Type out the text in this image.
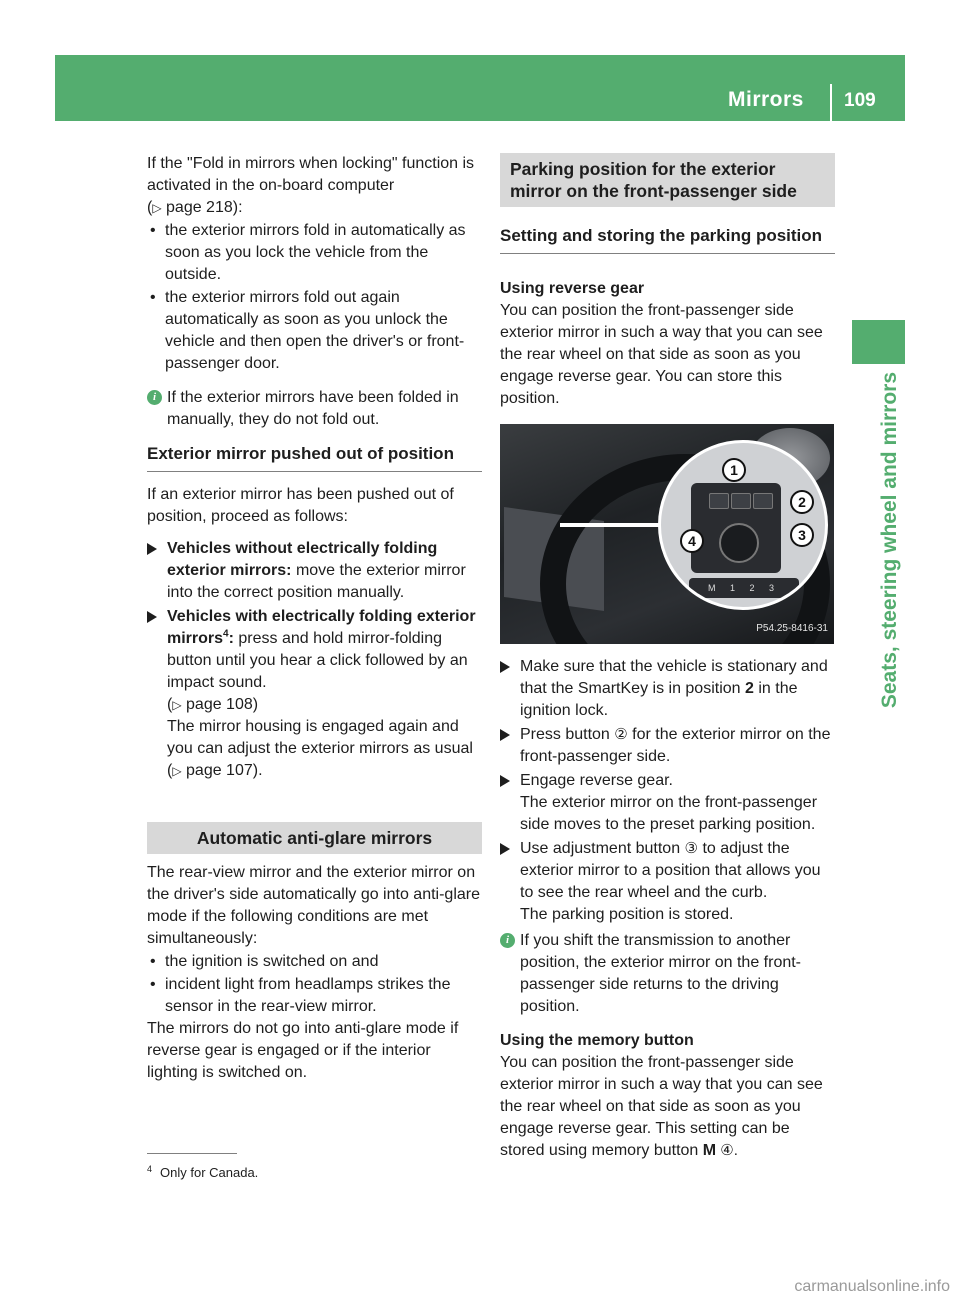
Mirrors 109
Seats, steering wheel and mirrors

If the "Fold in mirrors when locking" function is activated in the on-board computer
(▷ page 218):

• the exterior mirrors fold in automatically as soon as you lock the vehicle from the outside.
• the exterior mirrors fold out again automatically as soon as you unlock the vehicle and then open the driver's or front-passenger door.
i If the exterior mirrors have been folded in manually, they do not fold out.
Exterior mirror pushed out of position

If an exterior mirror has been pushed out of position, proceed as follows:

Vehicles without electrically folding exterior mirrors: move the exterior mirror into the correct position manually.
Vehicles with electrically folding exterior mirrors$^4$: press and hold mirror-folding button until you hear a click followed by an impact sound.
(▷ page 108)
The mirror housing is engaged again and you can adjust the exterior mirrors as usual
(▷ page 107).
Automatic anti-glare mirrors

The rear-view mirror and the exterior mirror on the driver's side automatically go into anti-glare mode if the following conditions are met simultaneously:

• the ignition is switched on and
• incident light from headlamps strikes the sensor in the rear-view mirror.

The mirrors do not go into anti-glare mode if reverse gear is engaged or if the interior lighting is switched on.

Parking position for the exterior mirror on the front-passenger side
Setting and storing the parking position
Using reverse gear

You can position the front-passenger side exterior mirror in such a way that you can see the rear wheel on that side as soon as you engage reverse gear. You can store this position.

M 1 2 3
1
2
3
4
P54.25-8416-31
Make sure that the vehicle is stationary and that the SmartKey is in position 2 in the ignition lock.
Press button ② for the exterior mirror on the front-passenger side.
Engage reverse gear.
The exterior mirror on the front-passenger side moves to the preset parking position.
Use adjustment button ③ to adjust the exterior mirror to a position that allows you to see the rear wheel and the curb.
The parking position is stored.
i If you shift the transmission to another position, the exterior mirror on the front-passenger side returns to the driving position.
Using the memory button

You can position the front-passenger side exterior mirror in such a way that you can see the rear wheel on that side as soon as you engage reverse gear. This setting can be stored using memory button M ④.

$^4$ Only for Canada.
carmanualsonline.info
